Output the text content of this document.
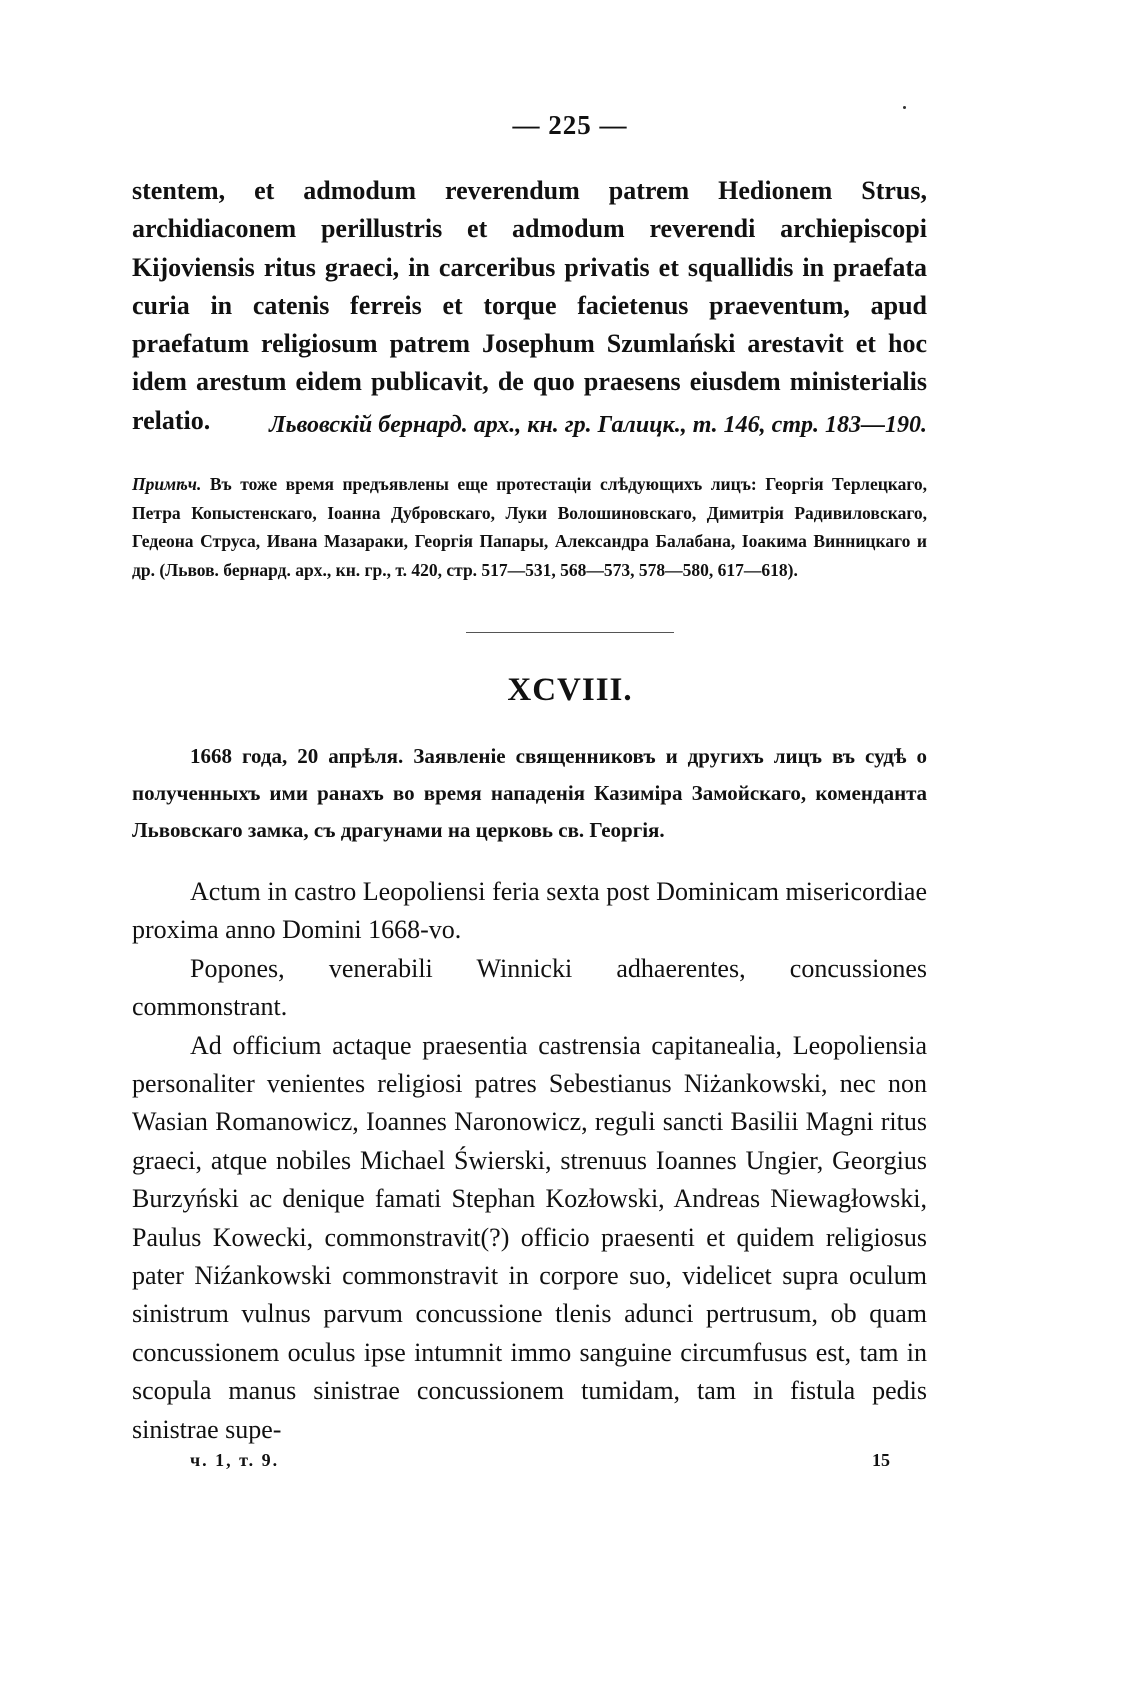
— 225 —
stentem, et admodum reverendum patrem Hedionem Strus, archidiaconem perillustris et admodum reverendi archiepiscopi Kijoviensis ritus graeci, in carceribus privatis et squallidis in praefata curia in catenis ferreis et torque facietenus praeventum, apud praefatum religiosum patrem Josephum Szumlański arestavit et hoc idem arestum eidem publicavit, de quo praesens eiusdem ministerialis relatio.	Львовскій бернард. арх., кн. гр. Галицк., т. 146, стр. 183—190.
Примѣч. Въ тоже время предъявлены еще протестаціи слѣдующихъ лицъ: Георгія Терлецкаго, Петра Копыстенскаго, Іоанна Дубровскаго, Луки Волошиновскаго, Димитрія Радивиловскаго, Гедеона Струса, Ивана Мазараки, Георгія Папары, Александра Балабана, Іоакима Винницкаго и др. (Львов. бернард. арх., кн. гр., т. 420, стр. 517—531, 568—573, 578—580, 617—618).
XCVIII.
1668 года, 20 апрѣля. Заявленіе священниковъ и другихъ лицъ въ судѣ о полученныхъ ими ранахъ во время нападенія Казиміра Замойскаго, комендантa Львовскаго замка, съ драгунами на церковь св. Георгія.

Actum in castro Leopoliensi feria sexta post Dominicam misericordiae proxima anno Domini 1668-vo.

Popones, venerabili Winnicki adhaerentes, concussiones commonstrant.

Ad officium actaque praesentia castrensia capitanealia, Leopoliensia personaliter venientes religiosi patres Sebestianus Niżankowski, nec non Wasian Romanowicz, Ioannes Naronowicz, reguli sancti Basilii Magni ritus graeci, atque nobiles Michael Świerski, strenuus Ioannes Ungier, Georgius Burzyński ac denique famati Stephan Kozłowski, Andreas Niewagłowski, Paulus Kowecki, commonstravit(?) officio praesenti et quidem religiosus pater Niźankowski commonstravit in corpore suo, videlicet supra oculum sinistrum vulnus parvum concussione tlenis adunci pertrusum, ob quam concussionem oculus ipse intumnit immo sanguine circumfusus est, tam in scopula manus sinistrae concussionem tumidam, tam in fistula pedis sinistrae supe-

ч. 1, т. 9.	15
